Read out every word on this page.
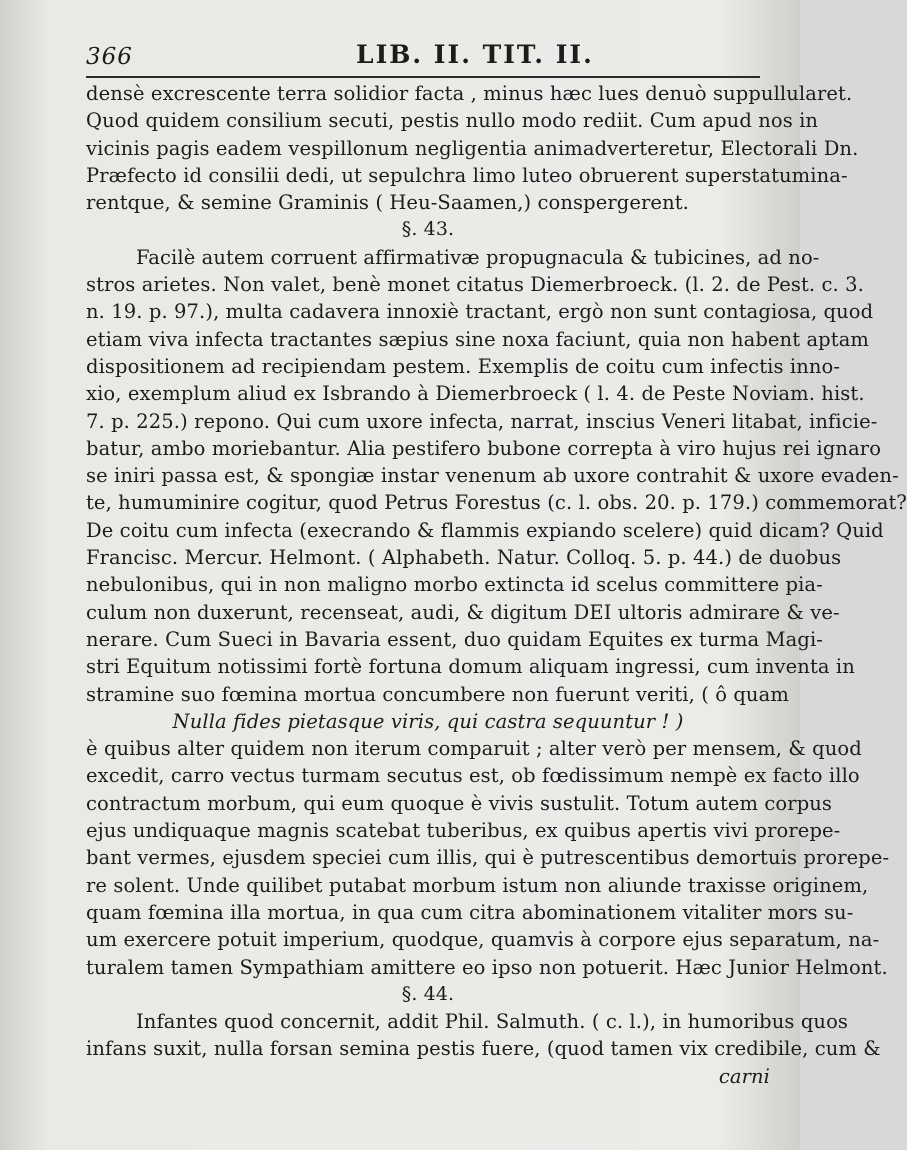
366	LIB. II. TIT. II.
densè excrescente terra solidior facta , minus hæc lues denuò suppullularet.
Quod quidem consilium secuti, pestis nullo modo rediit. Cum apud nos in
vicinis pagis eadem vespillonum negligentia animadverteretur, Electorali Dn.
Præfecto id consilii dedi, ut sepulchra limo luteo obruerent superstatumina-
rentque, & semine Graminis ( Heu-Saamen,) conspergerent.
§. 43.
Facilè autem corruent affirmativæ propugnacula & tubicines, ad no-
stros arietes. Non valet, benè monet citatus Diemerbroeck. (l. 2. de Pest. c. 3.
n. 19. p. 97.), multa cadavera innoxiè tractant, ergò non sunt contagiosa, quod
etiam viva infecta tractantes sæpius sine noxa faciunt, quia non habent aptam
dispositionem ad recipiendam pestem. Exemplis de coitu cum infectis inno-
xio, exemplum aliud ex Isbrando à Diemerbroeck ( l. 4. de Peste Noviam. hist.
7. p. 225.) repono. Qui cum uxore infecta, narrat, inscius Veneri litabat, inficie-
batur, ambo moriebantur. Alia pestifero bubone correpta à viro hujus rei ignaro
se iniri passa est, & spongiæ instar venenum ab uxore contrahit & uxore evaden-
te, humuminire cogitur, quod Petrus Forestus (c. l. obs. 20. p. 179.) commemorat?
De coitu cum infecta (execrando & flammis expiando scelere) quid dicam? Quid
Francisc. Mercur. Helmont. ( Alphabeth. Natur. Colloq. 5. p. 44.) de duobus
nebulonibus, qui in non maligno morbo extincta id scelus committere pia-
culum non duxerunt, recenseat, audi, & digitum DEI ultoris admirare & ve-
nerare. Cum Sueci in Bavaria essent, duo quidam Equites ex turma Magi-
stri Equitum notissimi fortè fortuna domum aliquam ingressi, cum inventa in
stramine suo fœmina mortua concumbere non fuerunt veriti, ( ô quam
Nulla fides pietasque viris, qui castra sequuntur ! )
è quibus alter quidem non iterum comparuit ; alter verò per mensem, & quod
excedit, carro vectus turmam secutus est, ob fœdissimum nempè ex facto illo
contractum morbum, qui eum quoque è vivis sustulit. Totum autem corpus
ejus undiquaque magnis scatebat tuberibus, ex quibus apertis vivi prorepe-
bant vermes, ejusdem speciei cum illis, qui è putrescentibus demortuis prorepe-
re solent. Unde quilibet putabat morbum istum non aliunde traxisse originem,
quam fœmina illa mortua, in qua cum citra abominationem vitaliter mors su-
um exercere potuit imperium, quodque, quamvis à corpore ejus separatum, na-
turalem tamen Sympathiam amittere eo ipso non potuerit. Hæc Junior Helmont.
§. 44.
Infantes quod concernit, addit Phil. Salmuth. ( c. l.), in humoribus quos
infans suxit, nulla forsan semina pestis fuere, (quod tamen vix credibile, cum &
carni
